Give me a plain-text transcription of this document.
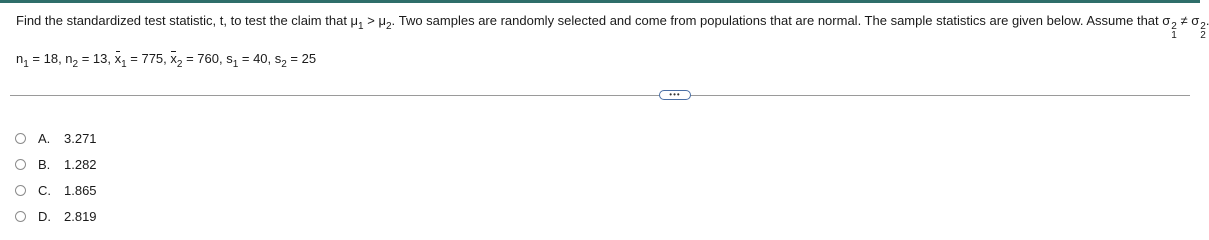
Find the standardized test statistic, t, to test the claim that $\mu_1 > \mu_2$. Two samples are randomly selected and come from populations that are normal. The sample statistics are given below. Assume that σ 2
1
≠ σ 2
2
$n_1 = 18$, $n_2 = 13$, $x_1 = 775$, $x_2 = 760$, $s_1 = 40$, $s_2 = 25$
•••
A.	3.271
B.	1.282
C.	1.865
D.	2.819
